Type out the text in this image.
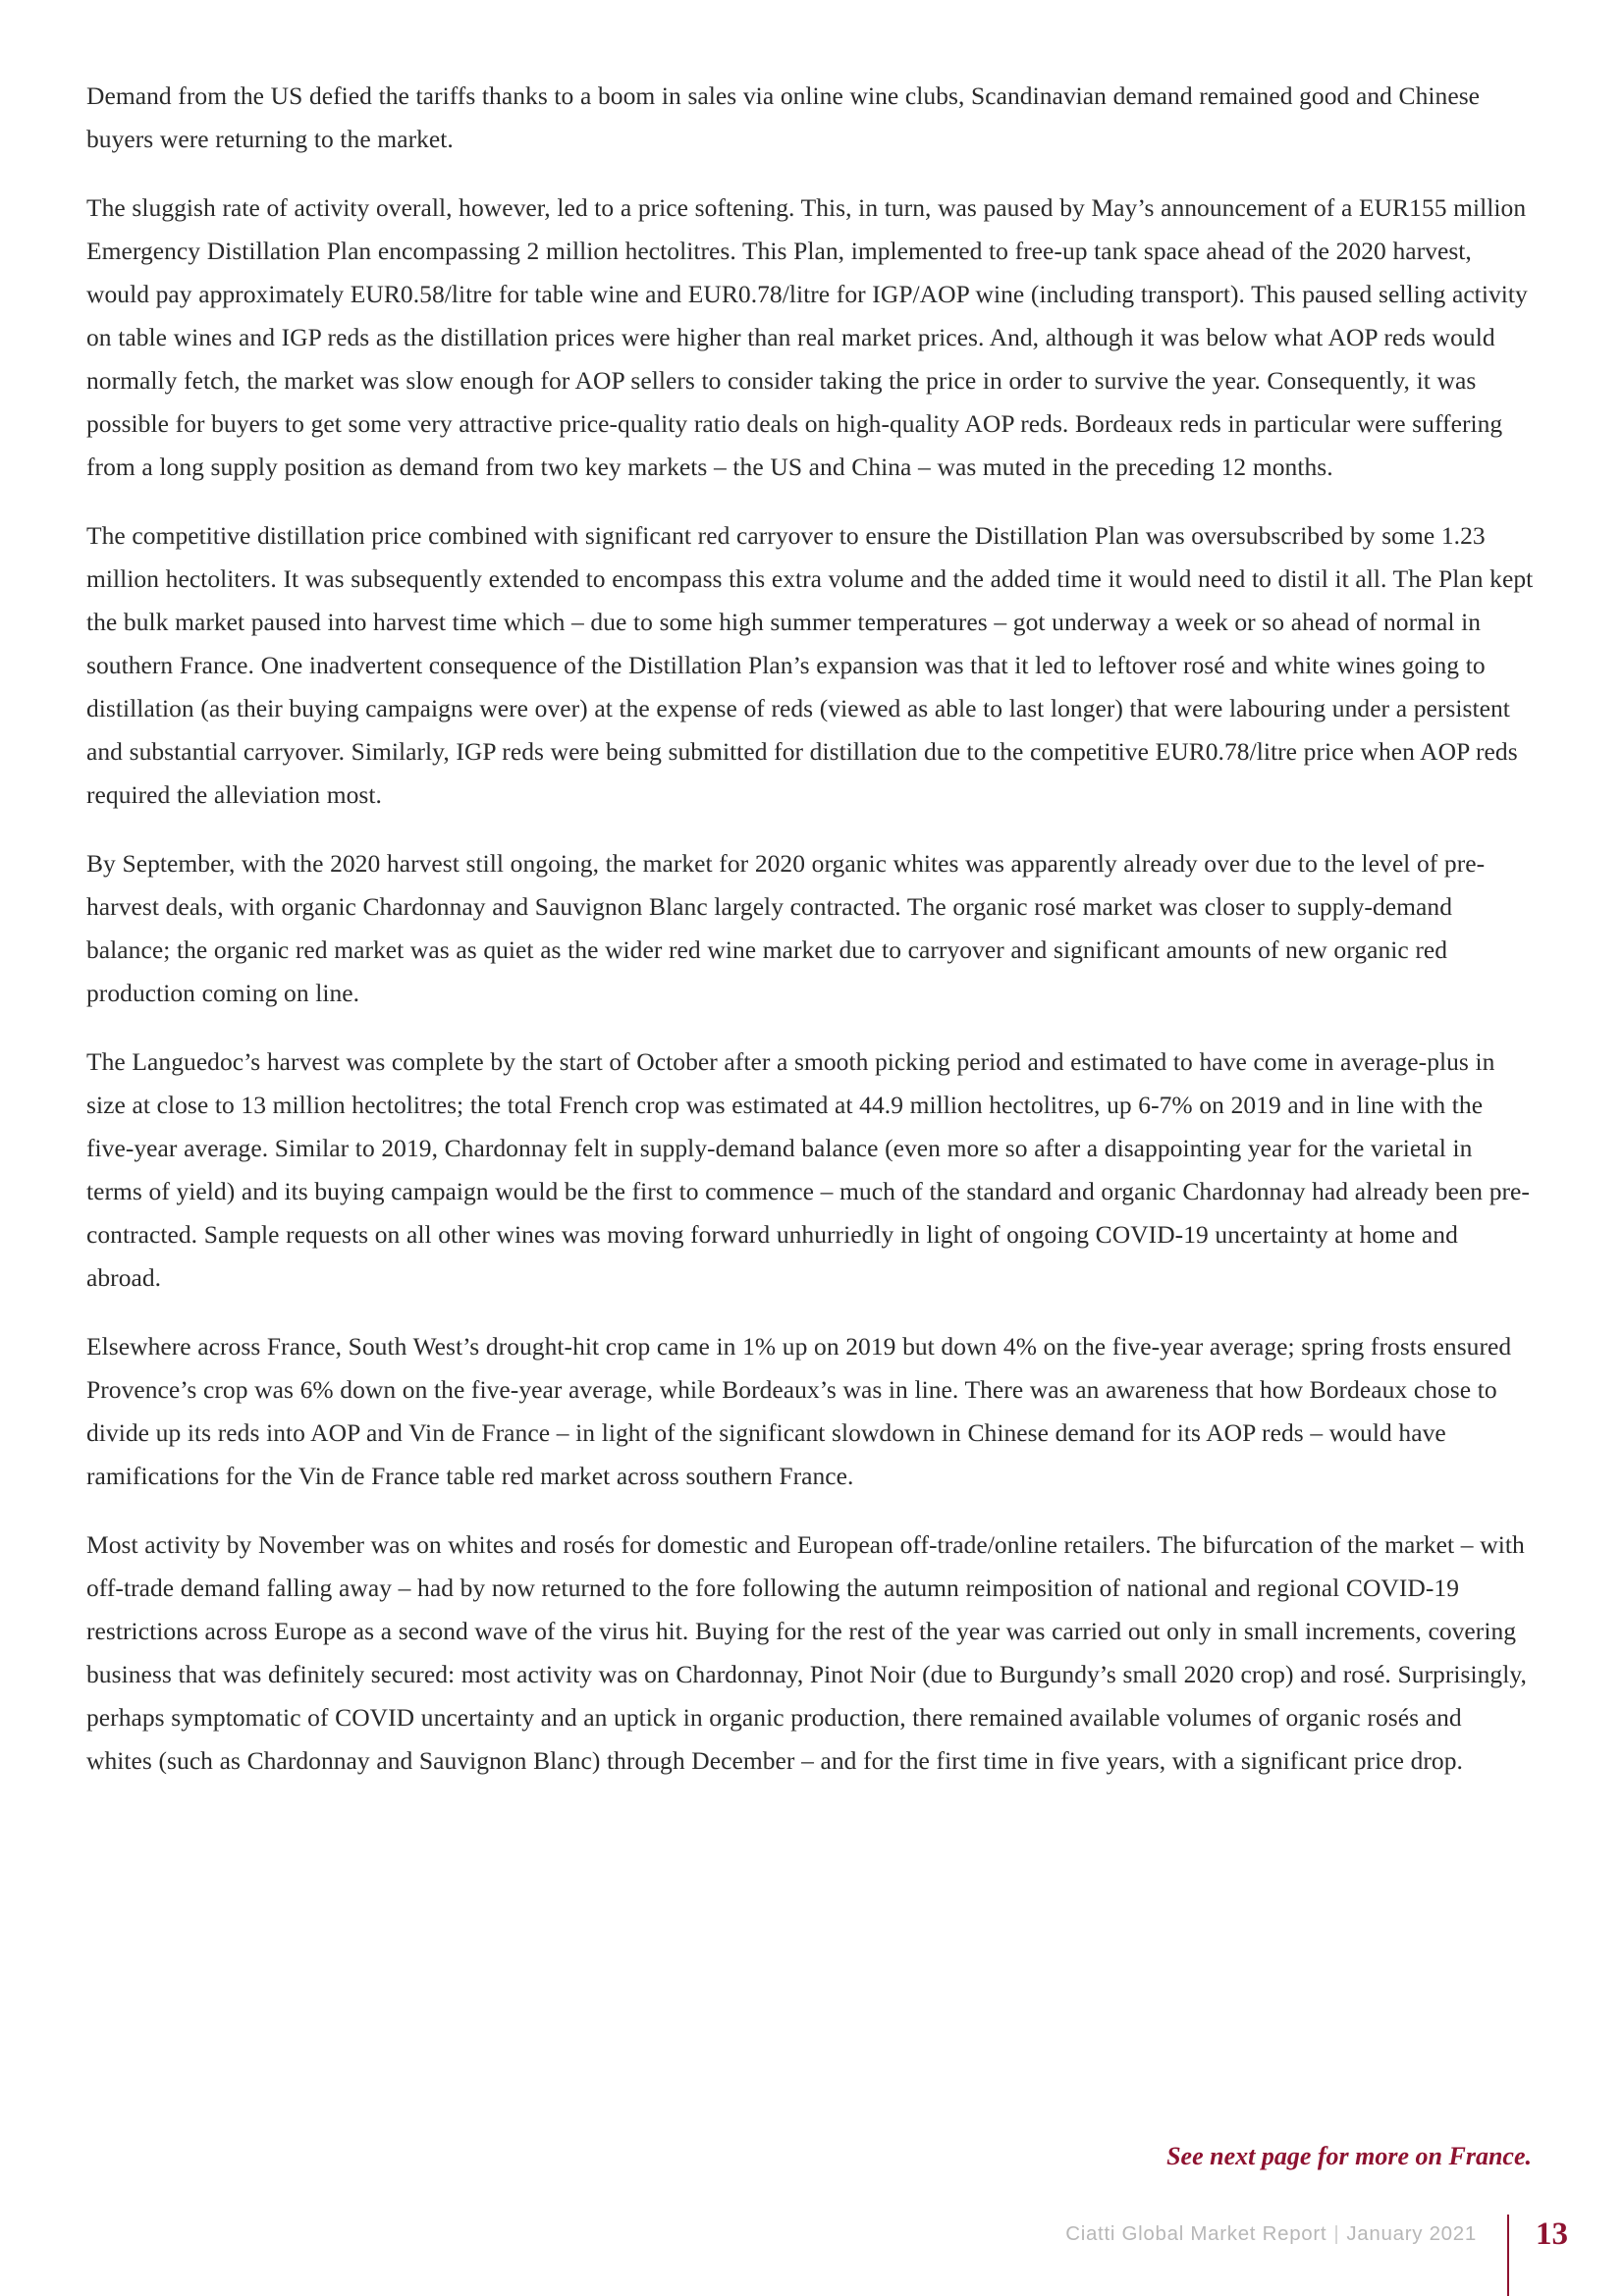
Demand from the US defied the tariffs thanks to a boom in sales via online wine clubs, Scandinavian demand remained good and Chinese buyers were returning to the market.

The sluggish rate of activity overall, however, led to a price softening. This, in turn, was paused by May’s announcement of a EUR155 million Emergency Distillation Plan encompassing 2 million hectolitres. This Plan, implemented to free-up tank space ahead of the 2020 harvest, would pay approximately EUR0.58/litre for table wine and EUR0.78/litre for IGP/AOP wine (including transport). This paused selling activity on table wines and IGP reds as the distillation prices were higher than real market prices. And, although it was below what AOP reds would normally fetch, the market was slow enough for AOP sellers to consider taking the price in order to survive the year. Consequently, it was possible for buyers to get some very attractive price-quality ratio deals on high-quality AOP reds. Bordeaux reds in particular were suffering from a long supply position as demand from two key markets – the US and China – was muted in the preceding 12 months.

The competitive distillation price combined with significant red carryover to ensure the Distillation Plan was oversubscribed by some 1.23 million hectoliters. It was subsequently extended to encompass this extra volume and the added time it would need to distil it all. The Plan kept the bulk market paused into harvest time which – due to some high summer temperatures – got underway a week or so ahead of normal in southern France. One inadvertent consequence of the Distillation Plan’s expansion was that it led to leftover rosé and white wines going to distillation (as their buying campaigns were over) at the expense of reds (viewed as able to last longer) that were labouring under a persistent and substantial carryover. Similarly, IGP reds were being submitted for distillation due to the competitive EUR0.78/litre price when AOP reds required the alleviation most.

By September, with the 2020 harvest still ongoing, the market for 2020 organic whites was apparently already over due to the level of pre-harvest deals, with organic Chardonnay and Sauvignon Blanc largely contracted. The organic rosé market was closer to supply-demand balance; the organic red market was as quiet as the wider red wine market due to carryover and significant amounts of new organic red production coming on line.

The Languedoc’s harvest was complete by the start of October after a smooth picking period and estimated to have come in average-plus in size at close to 13 million hectolitres; the total French crop was estimated at 44.9 million hectolitres, up 6-7% on 2019 and in line with the five-year average. Similar to 2019, Chardonnay felt in supply-demand balance (even more so after a disappointing year for the varietal in terms of yield) and its buying campaign would be the first to commence – much of the standard and organic Chardonnay had already been pre-contracted. Sample requests on all other wines was moving forward unhurriedly in light of ongoing COVID-19 uncertainty at home and abroad.

Elsewhere across France, South West’s drought-hit crop came in 1% up on 2019 but down 4% on the five-year average; spring frosts ensured Provence’s crop was 6% down on the five-year average, while Bordeaux’s was in line. There was an awareness that how Bordeaux chose to divide up its reds into AOP and Vin de France – in light of the significant slowdown in Chinese demand for its AOP reds – would have ramifications for the Vin de France table red market across southern France.

Most activity by November was on whites and rosés for domestic and European off-trade/online retailers. The bifurcation of the market – with off-trade demand falling away – had by now returned to the fore following the autumn reimposition of national and regional COVID-19 restrictions across Europe as a second wave of the virus hit. Buying for the rest of the year was carried out only in small increments, covering business that was definitely secured: most activity was on Chardonnay, Pinot Noir (due to Burgundy’s small 2020 crop) and rosé. Surprisingly, perhaps symptomatic of COVID uncertainty and an uptick in organic production, there remained available volumes of organic rosés and whites (such as Chardonnay and Sauvignon Blanc) through December – and for the first time in five years, with a significant price drop.

See next page for more on France.
Ciatti Global Market Report | January 2021 13
